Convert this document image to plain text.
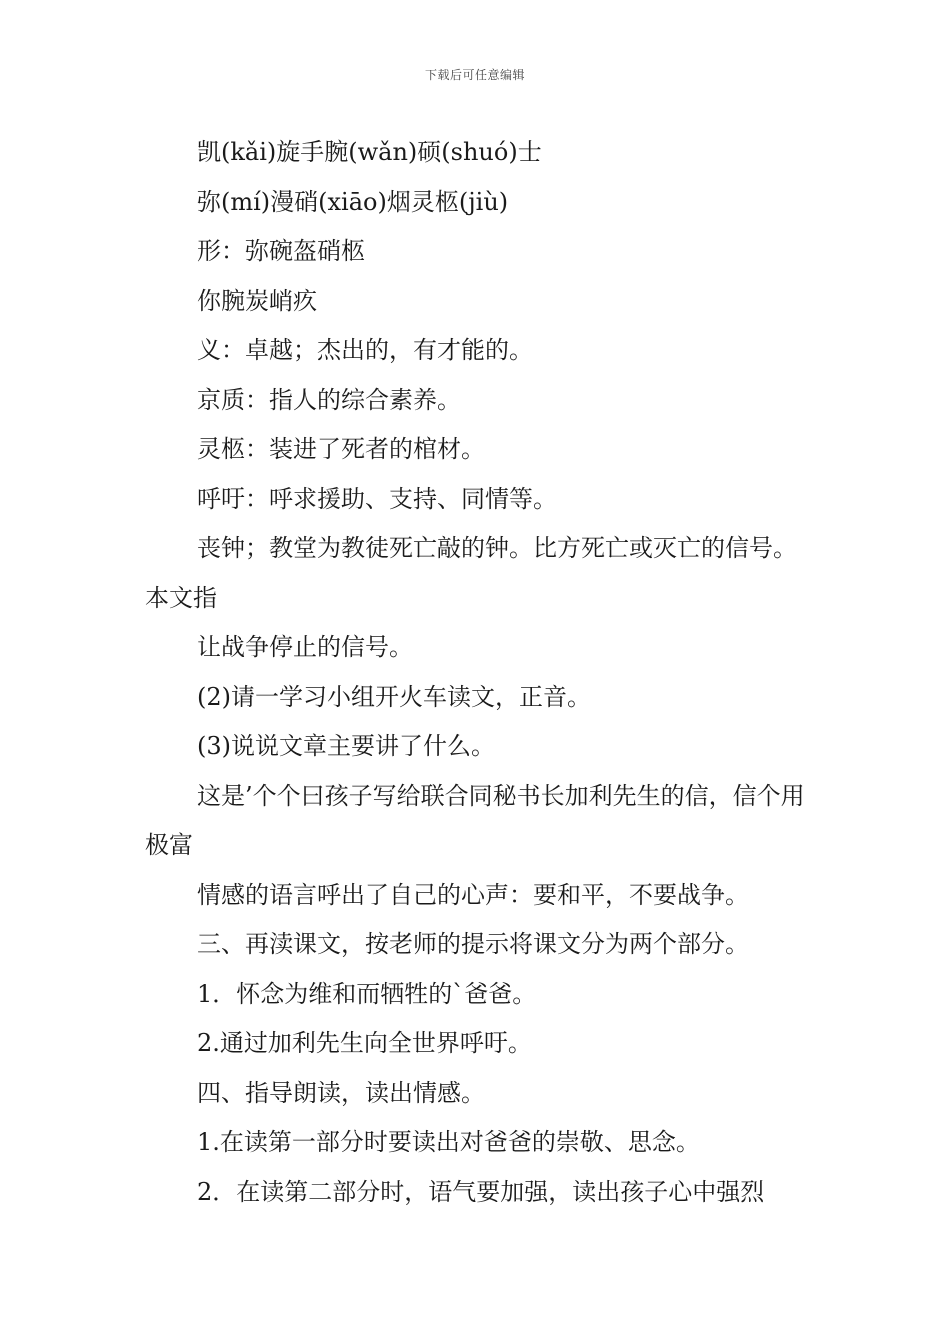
下载后可任意编辑

凯(kǎi)旋手腕(wǎn)硕(shuó)士

弥(mí)漫硝(xiāo)烟灵柩(jiù)

形：弥碗盔硝柩

你腕炭峭疚

义：卓越；杰出的，有才能的。

京质：指人的综合素养。

灵柩：装进了死者的棺材。

呼吁：呼求援助、支持、同情等。

丧钟；教堂为教徒死亡敲的钟。比方死亡或灭亡的信号。本文指

让战争停止的信号。

(2)请一学习小组开火车读文，正音。

(3)说说文章主要讲了什么。

这是’个个曰孩子写给联合同秘书长加利先生的信，信个用极富

情感的语言呼出了自己的心声：要和平，不要战争。

三、再渎课文，按老师的提示将课文分为两个部分。

1．怀念为维和而牺牲的`爸爸。

2.通过加利先生向全世界呼吁。

四、指导朗读，读出情感。

1.在读第一部分时要读出对爸爸的崇敬、思念。

2．在读第二部分时，语气要加强，读出孩子心中强烈
